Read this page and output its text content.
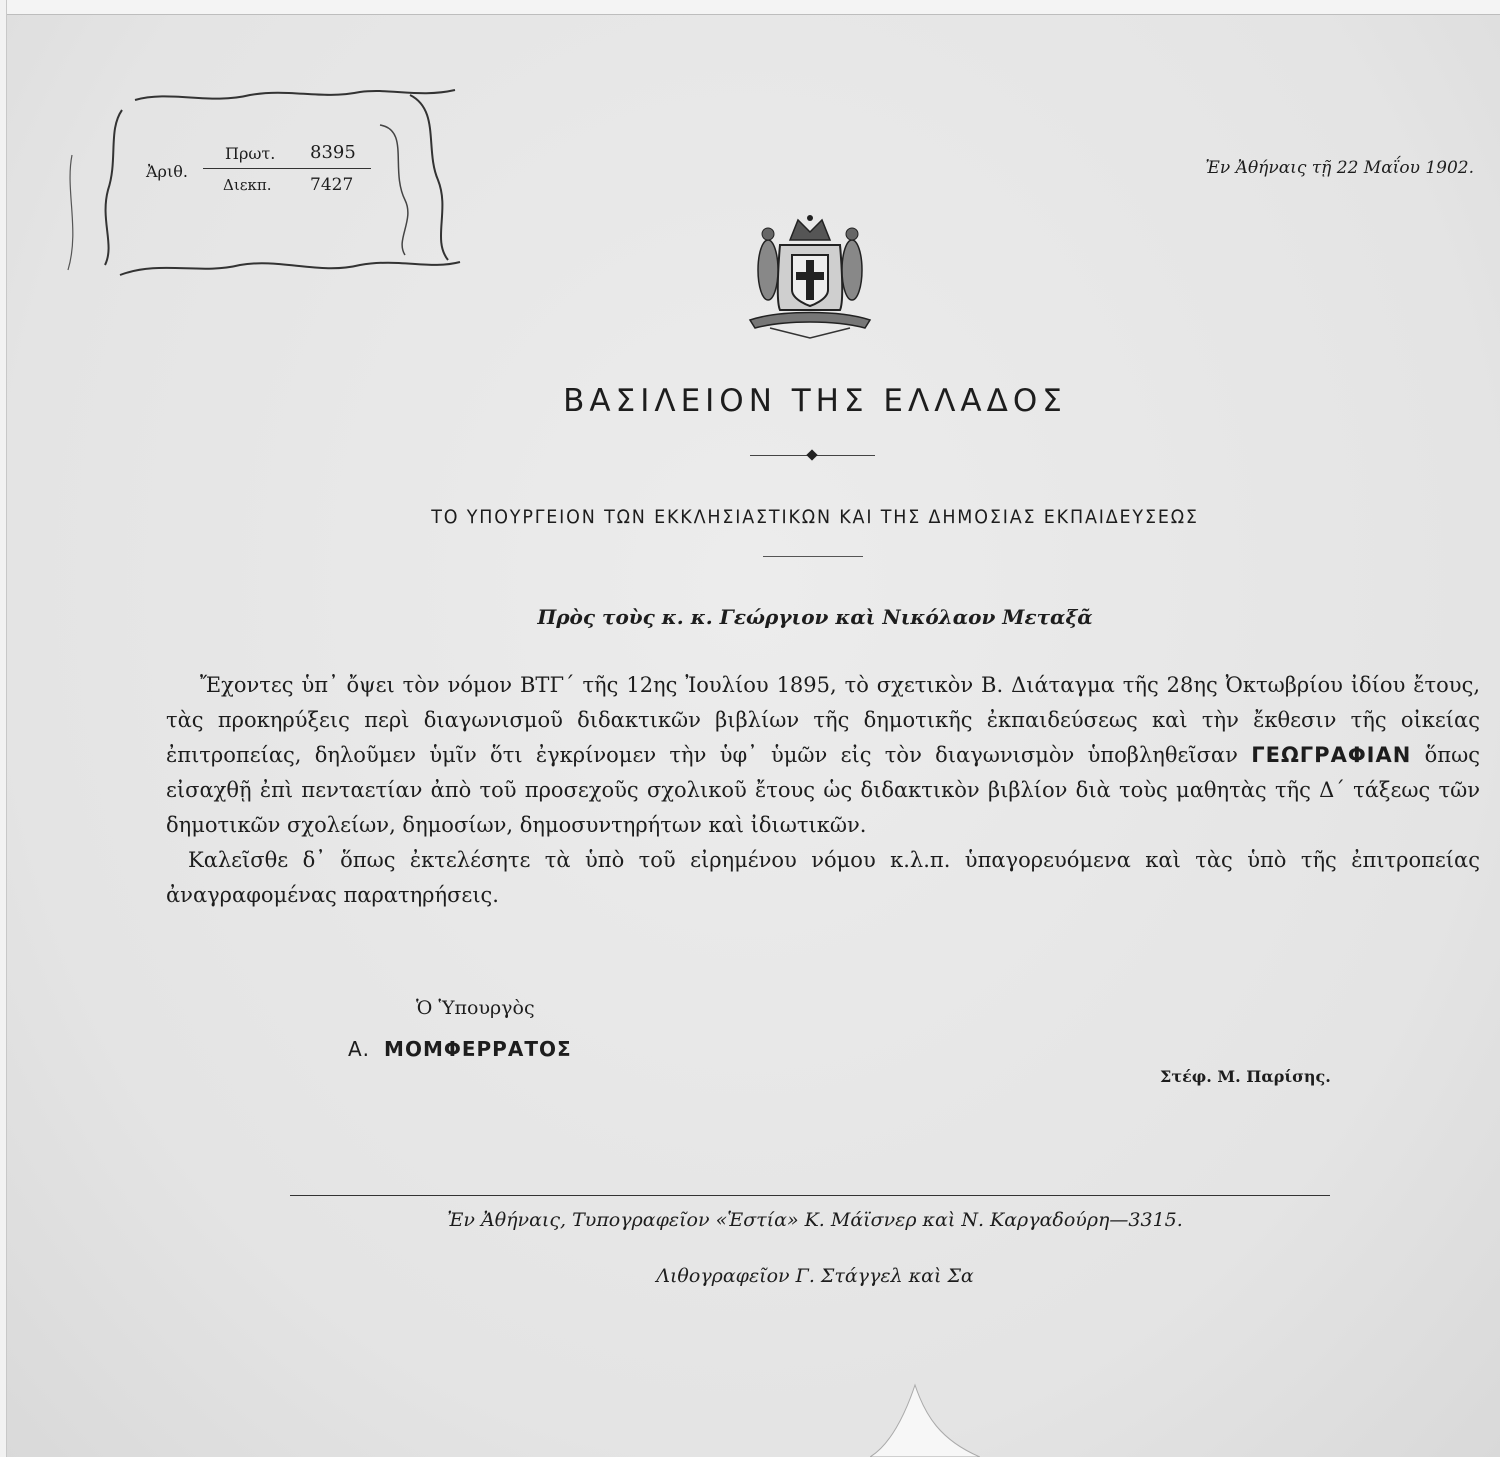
Ἀριθ.
Πρωτ. 8395
Διεκπ. 7427
Ἐν Ἀθήναις τῇ 22 Μαΐου 1902.
ΒΑΣΙΛΕΙΟΝ ΤΗΣ ΕΛΛΑΔΟΣ
ΤΟ ΥΠΟΥΡΓΕΙΟΝ ΤΩΝ ΕΚΚΛΗΣΙΑΣΤΙΚΩΝ ΚΑΙ ΤΗΣ ΔΗΜΟΣΙΑΣ ΕΚΠΑΙΔΕΥΣΕΩΣ
Πρὸς τοὺς κ. κ. Γεώργιον καὶ Νικόλαον Μεταξᾶ

Ἔχοντες ὑπ᾽ ὄψει τὸν νόμον ΒΤΓ΄ τῆς 12ης Ἰουλίου 1895, τὸ σχετικὸν Β. Διάταγμα τῆς 28ης Ὀκτωβρίου ἰδίου ἔτους, τὰς προκηρύξεις περὶ διαγωνισμοῦ διδακτικῶν βιβλίων τῆς δημοτικῆς ἐκπαιδεύσεως καὶ τὴν ἔκθεσιν τῆς οἰκείας ἐπιτροπείας, δηλοῦμεν ὑμῖν ὅτι ἐγκρίνομεν τὴν ὑφ᾽ ὑμῶν εἰς τὸν διαγωνισμὸν ὑποβληθεῖσαν ΓΕΩΓΡΑΦΙΑΝ ὅπως εἰσαχθῇ ἐπὶ πενταετίαν ἀπὸ τοῦ προσεχοῦς σχολικοῦ ἔτους ὡς διδακτικὸν βιβλίον διὰ τοὺς μαθητὰς τῆς Δ΄ τάξεως τῶν δημοτικῶν σχολείων, δημοσίων, δημοσυντηρήτων καὶ ἰδιωτικῶν.

Καλεῖσθε δ᾽ ὅπως ἐκτελέσητε τὰ ὑπὸ τοῦ εἰρημένου νόμου κ.λ.π. ὑπαγορευόμενα καὶ τὰς ὑπὸ τῆς ἐπιτροπείας ἀναγραφομένας παρατηρήσεις.

Ὁ Ὑπουργὸς
Α. ΜΟΜΦΕΡΡΑΤΟΣ
Στέφ. Μ. Παρίσης.
Ἐν Ἀθήναις, Τυπογραφεῖον «Ἑστία» Κ. Μάϊσνερ καὶ Ν. Καργαδούρη—3315.
Λιθογραφεῖον Γ. Στάγγελ καὶ Σα
